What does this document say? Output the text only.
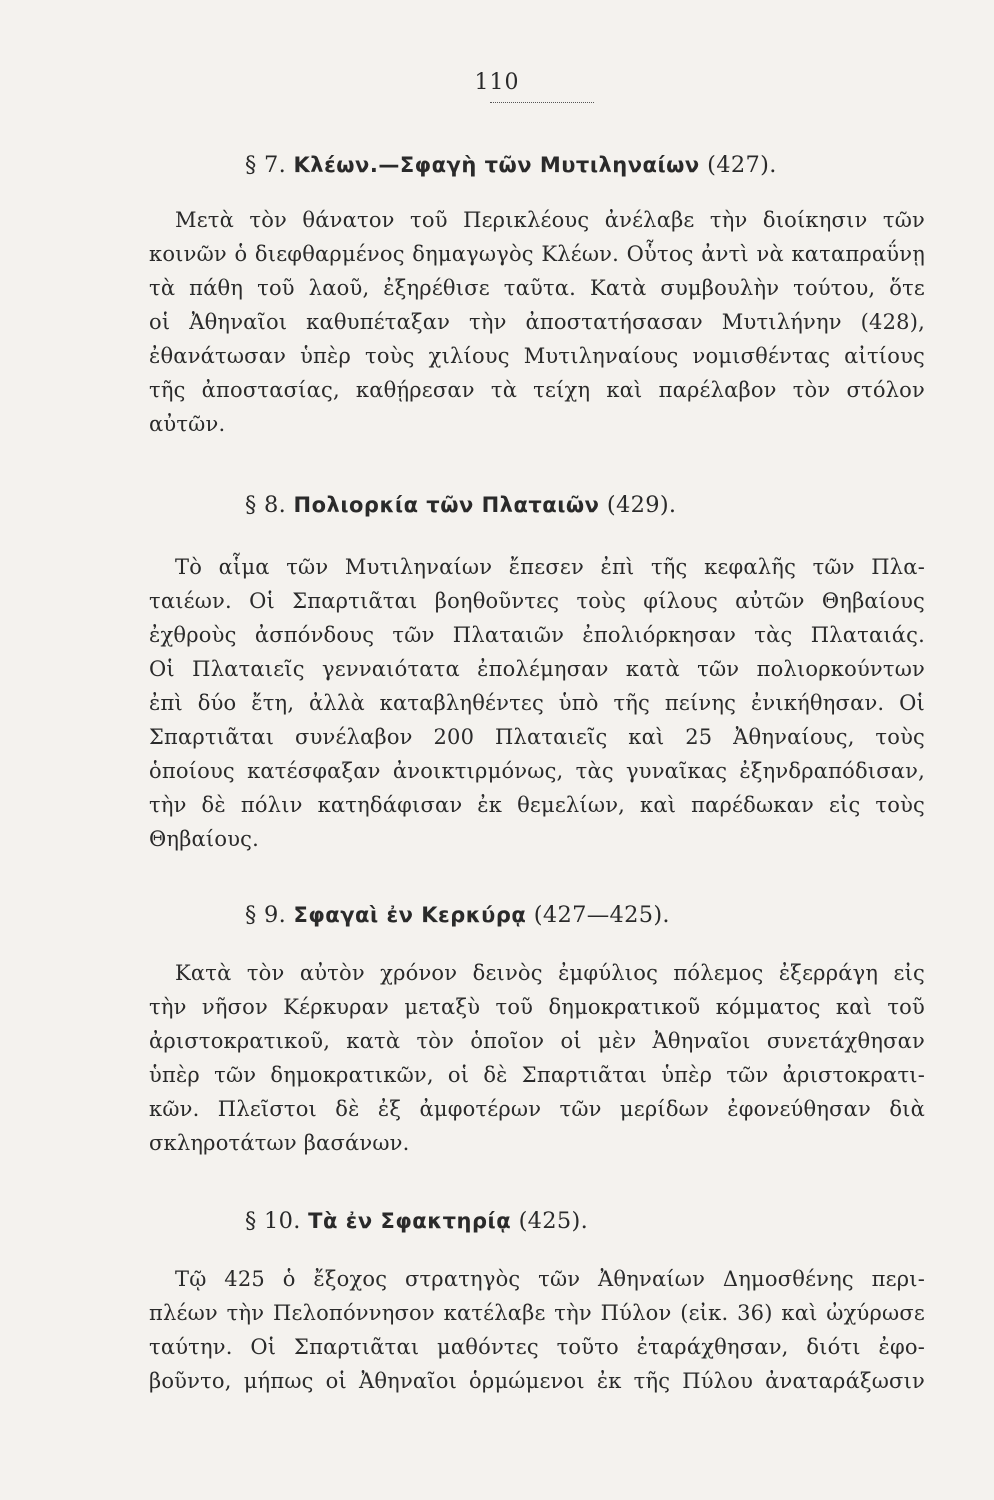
110
§ 7. Κλέων.—Σφαγὴ τῶν Μυτιληναίων (427).
Μετὰ τὸν θάνατον τοῦ Περικλέους ἀνέλαβε τὴν διοίκησιν τῶν
κοινῶν ὁ διεφθαρμένος δημαγωγὸς Κλέων. Οὗτος ἀντὶ νὰ καταπραΰνῃ
τὰ πάθη τοῦ λαοῦ, ἐξηρέθισε ταῦτα. Κατὰ συμβουλὴν τούτου, ὅτε
οἱ Ἀθηναῖοι καθυπέταξαν τὴν ἀποστατήσασαν Μυτιλήνην (428),
ἐθανάτωσαν ὑπὲρ τοὺς χιλίους Μυτιληναίους νομισθέντας αἰτίους
τῆς ἀποστασίας, καθῄρεσαν τὰ τείχη καὶ παρέλαβον τὸν στόλον
αὐτῶν.
§ 8. Πολιορκία τῶν Πλαταιῶν (429).
Τὸ αἷμα τῶν Μυτιληναίων ἔπεσεν ἐπὶ τῆς κεφαλῆς τῶν Πλα-
ταιέων. Οἱ Σπαρτιᾶται βοηθοῦντες τοὺς φίλους αὐτῶν Θηβαίους
ἐχθροὺς ἀσπόνδους τῶν Πλαταιῶν ἐπολιόρκησαν τὰς Πλαταιάς.
Οἱ Πλαταιεῖς γενναιότατα ἐπολέμησαν κατὰ τῶν πολιορκούντων
ἐπὶ δύο ἔτη, ἀλλὰ καταβληθέντες ὑπὸ τῆς πείνης ἐνικήθησαν. Οἱ
Σπαρτιᾶται συνέλαβον 200 Πλαταιεῖς καὶ 25 Ἀθηναίους, τοὺς
ὁποίους κατέσφαξαν ἀνοικτιρμόνως, τὰς γυναῖκας ἐξηνδραπόδισαν,
τὴν δὲ πόλιν κατηδάφισαν ἐκ θεμελίων, καὶ παρέδωκαν εἰς τοὺς
Θηβαίους.
§ 9. Σφαγαὶ ἐν Κερκύρᾳ (427—425).
Κατὰ τὸν αὐτὸν χρόνον δεινὸς ἐμφύλιος πόλεμος ἐξερράγη εἰς
τὴν νῆσον Κέρκυραν μεταξὺ τοῦ δημοκρατικοῦ κόμματος καὶ τοῦ
ἀριστοκρατικοῦ, κατὰ τὸν ὁποῖον οἱ μὲν Ἀθηναῖοι συνετάχθησαν
ὑπὲρ τῶν δημοκρατικῶν, οἱ δὲ Σπαρτιᾶται ὑπὲρ τῶν ἀριστοκρατι-
κῶν. Πλεῖστοι δὲ ἐξ ἀμφοτέρων τῶν μερίδων ἐφονεύθησαν διὰ
σκληροτάτων βασάνων.
§ 10. Τὰ ἐν Σφακτηρίᾳ (425).
Τῷ 425 ὁ ἔξοχος στρατηγὸς τῶν Ἀθηναίων Δημοσθένης περι-
πλέων τὴν Πελοπόννησον κατέλαβε τὴν Πύλον (εἰκ. 36) καὶ ὠχύρωσε
ταύτην. Οἱ Σπαρτιᾶται μαθόντες τοῦτο ἐταράχθησαν, διότι ἐφο-
βοῦντο, μήπως οἱ Ἀθηναῖοι ὁρμώμενοι ἐκ τῆς Πύλου ἀναταράξωσιν
